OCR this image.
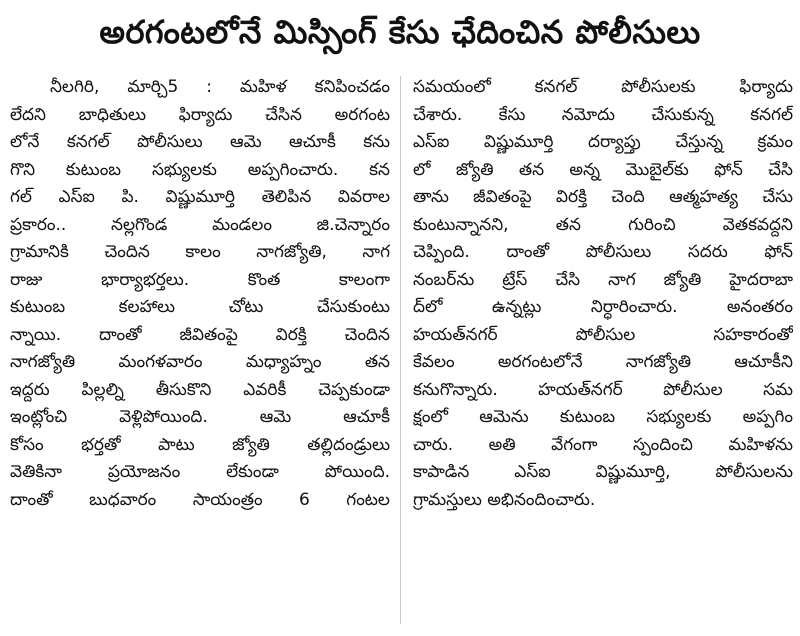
అరగంటలోనే మిస్సింగ్ కేసు ఛేదించిన పోలీసులు
నీలగిరి, మార్చి5 : మహిళ కనిపించడం
లేదని బాధితులు ఫిర్యాదు చేసిన అరగంట
లోనే కనగల్ పోలీసులు ఆమె ఆచూకీ కను
గొని కుటుంబ సభ్యులకు అప్పగించారు. కన
గల్ ఎస్ఐ పి. విష్ణుమూర్తి తెలిపిన వివరాల
ప్రకారం.. నల్లగొండ మండలం జి.చెన్నారం
గ్రామానికి చెందిన కాలం నాగజ్యోతి, నాగ
రాజు భార్యాభర్తలు. కొంత కాలంగా
కుటుంబ కలహాలు చోటు చేసుకుంటు
న్నాయి. దాంతో జీవితంపై విరక్తి చెందిన
నాగజ్యోతి మంగళవారం మధ్యాహ్నం తన
ఇద్దరు పిల్లల్ని తీసుకొని ఎవరికీ చెప్పకుండా
ఇంట్లోంచి వెళ్లిపోయింది. ఆమె ఆచూకీ
కోసం భర్తతో పాటు జ్యోతి తల్లిదండ్రులు
వెతికినా ప్రయోజనం లేకుండా పోయింది.
దాంతో బుధవారం సాయంత్రం 6 గంటల
సమయంలో కనగల్ పోలీసులకు ఫిర్యాదు
చేశారు. కేసు నమోదు చేసుకున్న కనగల్
ఎస్ఐ విష్ణుమూర్తి దర్యాప్తు చేస్తున్న క్రమం
లో జ్యోతి తన అన్న మొబైల్‌కు ఫోన్ చేసి
తాను జీవితంపై విరక్తి చెంది ఆత్మహత్య చేసు
కుంటున్నానని, తన గురించి వెతకవద్దని
చెప్పింది. దాంతో పోలీసులు సదరు ఫోన్
నంబర్‌ను ట్రేస్ చేసి నాగ జ్యోతి హైదరాబా
ద్‌లో ఉన్నట్లు నిర్ధారించారు. అనంతరం
హయత్‌నగర్ పోలీసుల సహకారంతో
కేవలం అరగంటలోనే నాగజ్యోతి ఆచూకీని
కనుగొన్నారు. హయత్‌నగర్ పోలీసుల సమ
క్షంలో ఆమెను కుటుంబ సభ్యులకు అప్పగిం
చారు. అతి వేగంగా స్పందించి మహిళను
కాపాడిన ఎస్ఐ విష్ణుమూర్తి, పోలీసులను
గ్రామస్తులు అభినందించారు.
